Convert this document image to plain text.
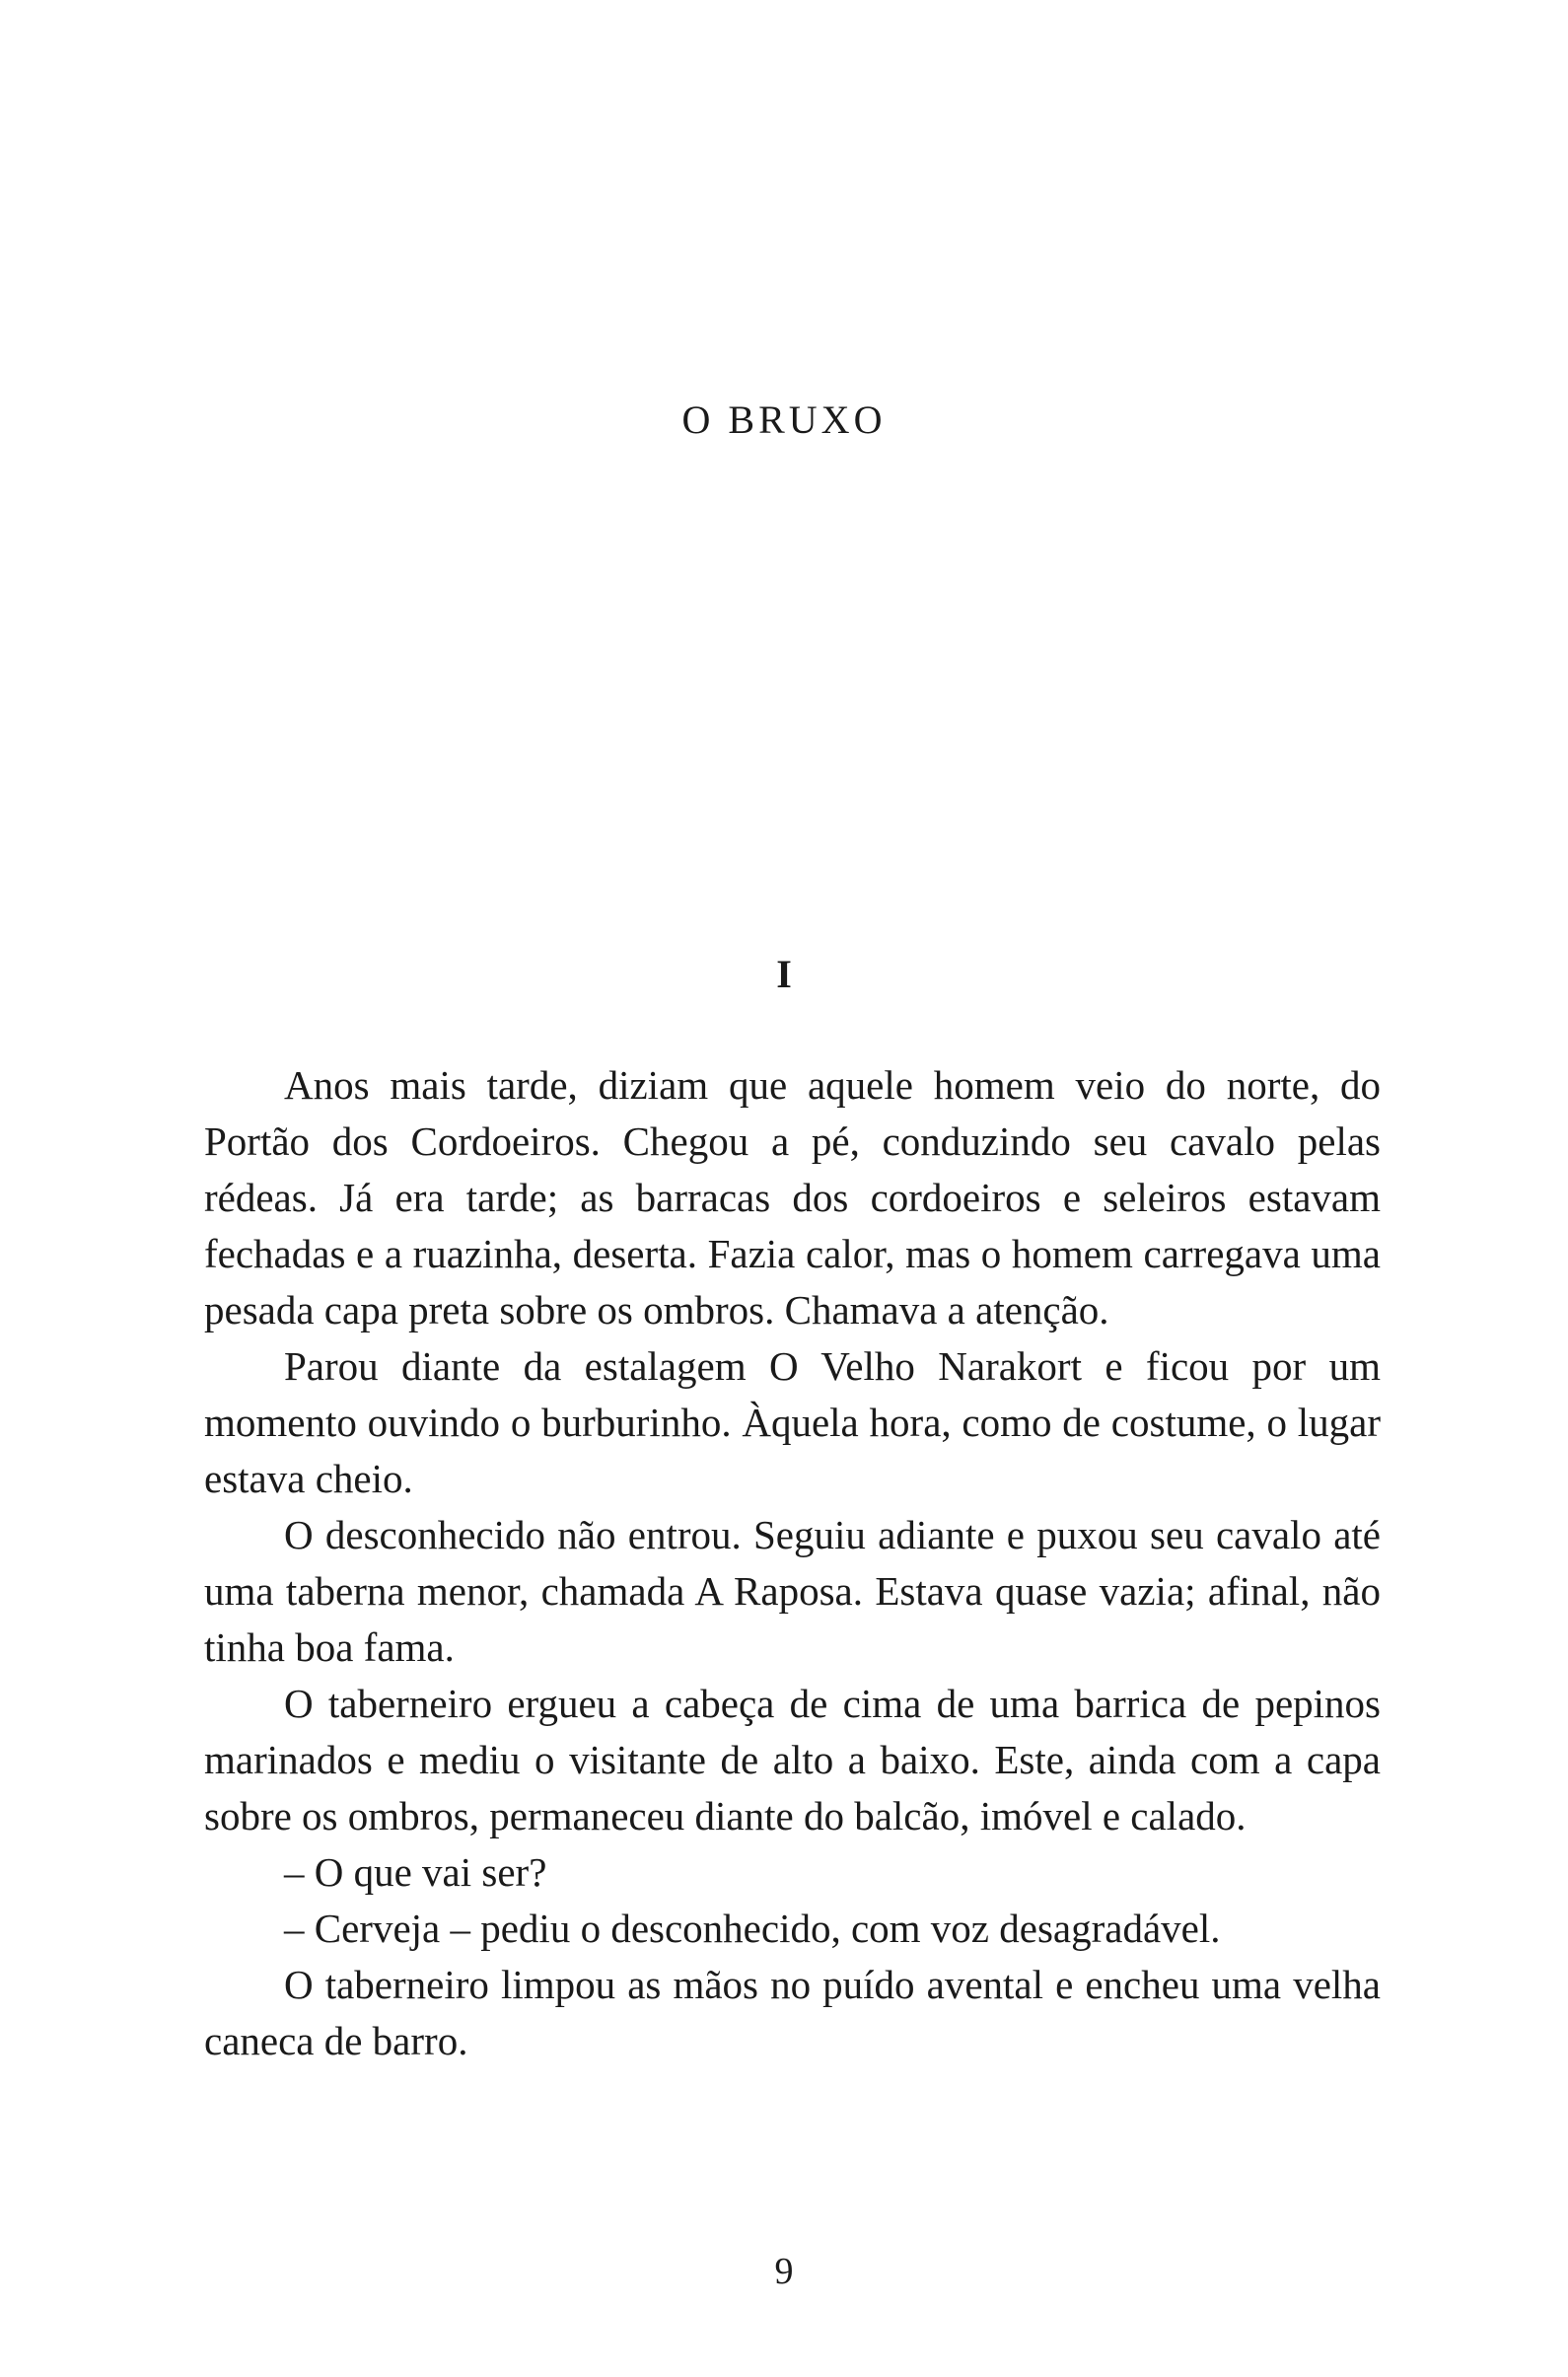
O BRUXO
I

Anos mais tarde, diziam que aquele homem veio do norte, do Portão dos Cordoeiros. Chegou a pé, conduzindo seu cavalo pelas rédeas. Já era tarde; as barracas dos cordoeiros e seleiros estavam fechadas e a ruazinha, deserta. Fazia calor, mas o homem carregava uma pesada capa preta sobre os ombros. Chamava a atenção.

Parou diante da estalagem O Velho Narakort e ficou por um momento ouvindo o burburinho. Àquela hora, como de costume, o lugar estava cheio.

O desconhecido não entrou. Seguiu adiante e puxou seu cavalo até uma taberna menor, chamada A Raposa. Estava quase vazia; afinal, não tinha boa fama.

O taberneiro ergueu a cabeça de cima de uma barrica de pepinos marinados e mediu o visitante de alto a baixo. Este, ainda com a capa sobre os ombros, permaneceu diante do balcão, imóvel e calado.

– O que vai ser?

– Cerveja – pediu o desconhecido, com voz desagradável.

O taberneiro limpou as mãos no puído avental e encheu uma velha caneca de barro.

9
